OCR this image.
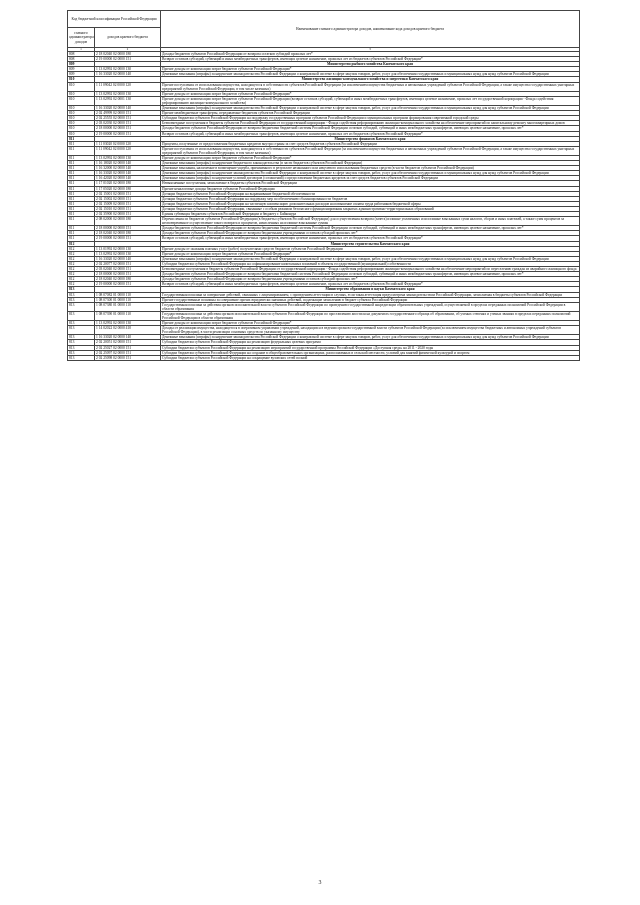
Код бюджетной классификации Российской Федерации		Наименование главного администратора доходов, наименование кода доходов краевого бюджета
главного администратора доходов	доходов краевого бюджета	
1	2	3
808	2 18 02040 02 0000 180	Доходы бюджетов субъектов Российской Федерации от возврата остатков субсидий прошлых лет*
808	2 19 00000 02 0000 151	Возврат остатков субсидий, субвенций и иных межбюджетных трансфертов, имеющих целевое назначение, прошлых лет из бюджетов субъектов Российской Федерации*
809		Министерство рыбного хозяйства Камчатского края
809	1 13 02992 02 0000 130	Прочие доходы от компенсации затрат бюджетов субъектов Российской Федерации*
809	1 16 33020 02 0000 140	Денежные взыскания (штрафы) за нарушение законодательства Российской Федерации о контрактной системе в сфере закупок товаров, работ, услуг для обеспечения государственных и муниципальных нужд для нужд субъектов Российской Федерации
810		Министерство жилищно-коммунального хозяйства и энергетики Камчатского края
810	1 11 09042 02 0000 120	Прочие поступления от использования имущества, находящегося в собственности субъектов Российской Федерации (за исключением имущества бюджетных и автономных учреждений субъектов Российской Федерации, а также имущества государственных унитарных предприятий субъектов Российской Федерации, в том числе казенных)
810	1 13 02992 02 0000 130	Прочие доходы от компенсации затрат бюджетов субъектов Российской Федерации*
810	1 13 02992 02 0001 130	Прочие доходы от компенсации затрат бюджетов субъектов Российской Федерации (возврат остатков субсидий, субвенций и иных межбюджетных трансфертов, имеющих целевое назначение, прошлых лет государственной корпорации - Фонда содействия реформированию жилищно-коммунального хозяйства)
810	1 16 33020 02 0000 140	Денежные взыскания (штрафы) за нарушение законодательства Российской Федерации о контрактной системе в сфере закупок товаров, работ, услуг для обеспечения государственных и муниципальных нужд для нужд субъектов Российской Федерации
810	2 02 49999 02 0000 151	Прочие межбюджетные трансферты, передаваемые бюджетам субъектов Российской Федерации
810	2 02 25555 02 0000 151	Субсидии бюджетам субъектов Российской Федерации на поддержку государственных программ субъектов Российской Федерации и муниципальных программ формирования современной городской среды
810	2 03 02030 02 0000 151	Безвозмездные поступления в бюджеты субъектов Российской Федерации от государственной корпорации - Фонда содействия реформированию жилищно-коммунального хозяйства на обеспечение мероприятий по капитальному ремонту многоквартирных домов
810	2 18 00000 02 0000 151	Доходы бюджетов субъектов Российской Федерации от возврата бюджетами бюджетной системы Российской Федерации остатков субсидий, субвенций и иных межбюджетных трансфертов, имеющих целевое назначение, прошлых лет*
810	2 19 00000 02 0000 151	Возврат остатков субсидий, субвенций и иных межбюджетных трансфертов, имеющих целевое назначение, прошлых лет из бюджетов субъектов Российской Федерации*
811		Министерство финансов Камчатского края
811	1 11 03020 02 0000 120	Проценты, полученные от предоставления бюджетных кредитов внутри страны за счет средств бюджетов субъектов Российской Федерации
811	1 11 09042 02 0000 120	Прочие поступления от использования имущества, находящегося в собственности субъектов Российской Федерации (за исключением имущества бюджетных и автономных учреждений субъектов Российской Федерации, а также имущества государственных унитарных предприятий субъектов Российской Федерации, в том числе казенных)
811	1 13 02992 02 0000 130	Прочие доходы от компенсации затрат бюджетов субъектов Российской Федерации*
811	1 16 18020 02 0000 140	Денежные взыскания (штрафы) за нарушение бюджетного законодательства (в части бюджетов субъектов Российской Федерации)
811	1 16 32000 02 0000 140	Денежные взыскания, налагаемые в возмещение ущерба, причиненного в результате незаконного или нецелевого использования бюджетных средств (в части бюджетов субъектов Российской Федерации)
811	1 16 33020 02 0000 140	Денежные взыскания (штрафы) за нарушение законодательства Российской Федерации о контрактной системе в сфере закупок товаров, работ, услуг для обеспечения государственных и муниципальных нужд для нужд субъектов Российской Федерации
811	1 16 42020 02 0000 140	Денежные взыскания (штрафы) за нарушение условий договоров (соглашений) о предоставлении бюджетных кредитов за счет средств бюджетов субъектов Российской Федерации
811	1 17 01020 02 0000 180	Невыясненные поступления, зачисляемые в бюджеты субъектов Российской Федерации
811	1 17 05020 02 0000 180	Прочие неналоговые доходы бюджетов субъектов Российской Федерации
811	2 02 15001 02 0000 151	Дотации бюджетам субъектов Российской Федерации на выравнивание бюджетной обеспеченности
811	2 02 15002 02 0000 151	Дотации бюджетам субъектов Российской Федерации на поддержку мер по обеспечению сбалансированности бюджетов
811	2 02 15009 02 0000 151	Дотации бюджетам субъектов Российской Федерации на частичную компенсацию дополнительных расходов на повышение оплаты труда работников бюджетной сферы
811	2 02 15010 02 0000 151	Дотации бюджетам субъектов Российской Федерации, связанные с особым режимом безопасного функционирования закрытых административно-территориальных образований
811	2 02 35900 02 0000 151	Единая субвенция бюджетам субъектов Российской Федерации и бюджету г. Байконура
811	2 08 02000 02 0000 180	Перечисления из бюджетов субъектов Российской Федерации (в бюджеты субъектов Российской Федерации) для осуществления возврата (зачета) излишне уплаченных или излишне взысканных сумм налогов, сборов и иных платежей, а также сумм процентов за несвоевременное осуществление такого возврата и процентов, начисленных на излишне взысканные суммы
811	2 18 00000 02 0000 151	Доходы бюджетов субъектов Российской Федерации от возврата бюджетами бюджетной системы Российской Федерации остатков субсидий, субвенций и иных межбюджетных трансфертов, имеющих целевое назначение, прошлых лет*
811	2 18 02040 02 0000 180	Доходы бюджетов субъектов Российской Федерации от возврата бюджетными учреждениями остатков субсидий прошлых лет*
811	2 19 00000 02 0000 151	Возврат остатков субсидий, субвенций и иных межбюджетных трансфертов, имеющих целевое назначение, прошлых лет из бюджетов субъектов Российской Федерации*
812		Министерство строительства Камчатского края
812	1 13 01992 02 0000 130	Прочие доходы от оказания платных услуг (работ) получателями средств бюджетов субъектов Российской Федерации
812	1 13 02992 02 0000 130	Прочие доходы от компенсации затрат бюджетов субъектов Российской Федерации*
812	1 16 33020 02 0000 140	Денежные взыскания (штрафы) за нарушение законодательства Российской Федерации о контрактной системе в сфере закупок товаров, работ, услуг для обеспечения государственных и муниципальных нужд для нужд субъектов Российской Федерации
812	2 02 20077 02 0000 151	Субсидии бюджетам субъектов Российской Федерации на софинансирование капитальных вложений в объекты государственной (муниципальной) собственности
812	2 03 02040 02 0000 151	Безвозмездные поступления в бюджеты субъектов Российской Федерации от государственной корпорации - Фонда содействия реформированию жилищно-коммунального хозяйства на обеспечение мероприятий по переселению граждан из аварийного жилищного фонда
812	2 18 00000 02 0000 151	Доходы бюджетов субъектов Российской Федерации от возврата бюджетами бюджетной системы Российской Федерации остатков субсидий, субвенций и иных межбюджетных трансфертов, имеющих целевое назначение, прошлых лет*
812	2 18 02040 02 0000 180	Доходы бюджетов субъектов Российской Федерации от возврата бюджетными учреждениями остатков субсидий прошлых лет*
812	2 19 00000 02 0000 151	Возврат остатков субсидий, субвенций и иных межбюджетных трансфертов, имеющих целевое назначение, прошлых лет из бюджетов субъектов Российской Федерации*
813		Министерство образования и науки Камчатского края
813	1 08 07082 01 0000 110	Государственная пошлина за совершение действий, связанных с лицензированием, с проведением аттестации в случаях, если такая аттестация предусмотрена законодательством Российской Федерации, зачисляемая в бюджеты субъектов Российской Федерации
813	1 08 07300 01 0000 110	Прочие государственные пошлины за совершение прочих юридически значимых действий, подлежащие зачислению в бюджет субъекта Российской Федерации
813	1 08 07380 01 0000 110	Государственная пошлина за действия органов исполнительной власти субъектов Российской Федерации по проведению государственной аккредитации образовательных учреждений, осуществляемой в пределах переданных полномочий Российской Федерации в области образования
813	1 08 07390 01 0000 110	Государственная пошлина за действия органов исполнительной власти субъектов Российской Федерации по проставлению апостиля на документах государственного образца об образовании, об ученых степенях и ученых званиях в пределах переданных полномочий Российской Федерации в области образования
813	1 13 02992 02 0000 130	Прочие доходы от компенсации затрат бюджетов субъектов Российской Федерации*
813	1 14 02022 02 0000 410	Доходы от реализации имущества, находящегося в оперативном управлении учреждений, находящихся в ведении органов государственной власти субъектов Российской Федерации (за исключением имущества бюджетных и автономных учреждений субъектов Российской Федерации), в части реализации основных средств по указанному имуществу
813	1 16 33020 02 0000 140	Денежные взыскания (штрафы) за нарушение законодательства Российской Федерации о контрактной системе в сфере закупок товаров, работ, услуг для обеспечения государственных и муниципальных нужд для нужд субъектов Российской Федерации
813	2 02 20051 02 0000 151	Субсидии бюджетам субъектов Российской Федерации на реализацию федеральных целевых программ
813	2 02 25027 02 0000 151	Субсидии бюджетам субъектов Российской Федерации на реализацию мероприятий государственной программы Российской Федерации «Доступная среда» на 2011 - 2020 годы
813	2 02 25097 02 0000 151	Субсидии бюджетам субъектов Российской Федерации на создание в общеобразовательных организациях, расположенных в сельской местности, условий для занятий физической культурой и спортом
813	2 02 25098 02 0000 151	Субсидии бюджетам субъектов Российской Федерации на сокращение вузовских сетей полной
3
